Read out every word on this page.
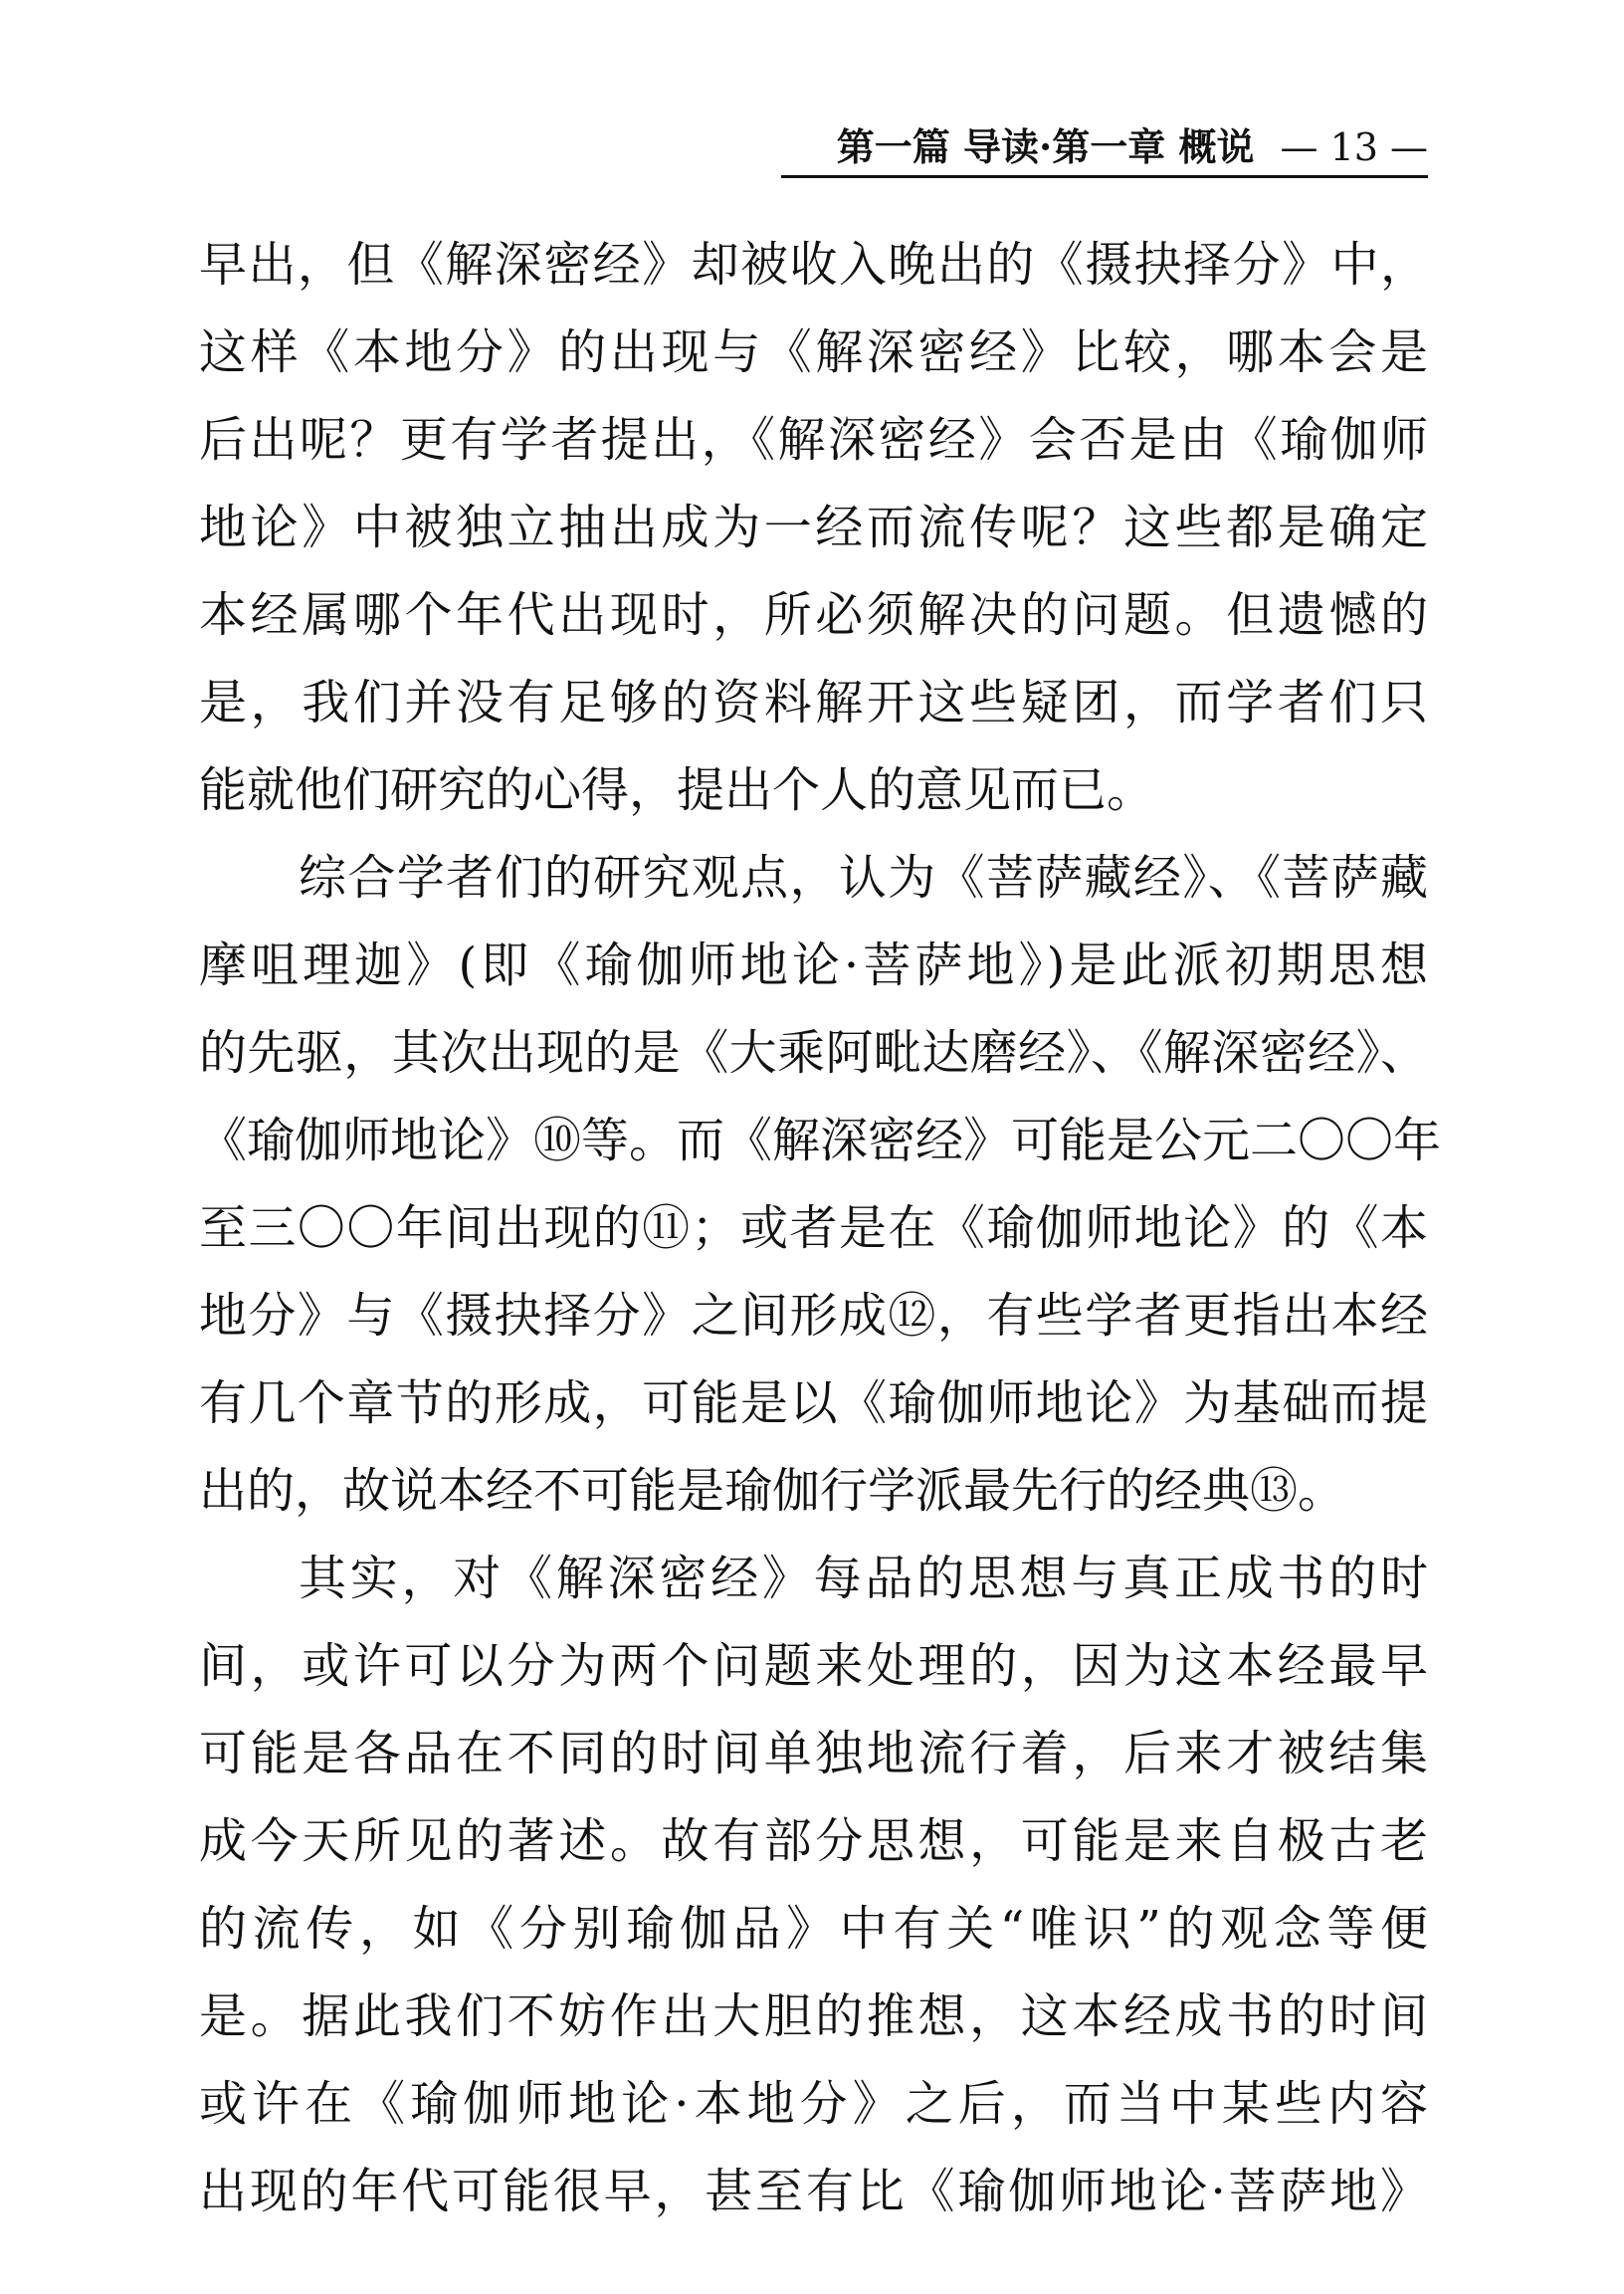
第一篇 导读·第一章 概说 — 13 —
早出，但《解深密经》却被收入晚出的《摄抉择分》中，
这样《本地分》的出现与《解深密经》比较，哪本会是
后出呢？更有学者提出，《解深密经》会否是由《瑜伽师
地论》中被独立抽出成为一经而流传呢？这些都是确定
本经属哪个年代出现时，所必须解决的问题。但遗憾的
是，我们并没有足够的资料解开这些疑团，而学者们只
能就他们研究的心得，提出个人的意见而已。
综合学者们的研究观点，认为《菩萨藏经》、《菩萨藏
摩咀理迦》(即《瑜伽师地论·菩萨地》)是此派初期思想
的先驱，其次出现的是《大乘阿毗达磨经》、《解深密经》、
《瑜伽师地论》⑩等。而《解深密经》可能是公元二〇〇年
至三〇〇年间出现的⑪；或者是在《瑜伽师地论》的《本
地分》与《摄抉择分》之间形成⑫，有些学者更指出本经
有几个章节的形成，可能是以《瑜伽师地论》为基础而提
出的，故说本经不可能是瑜伽行学派最先行的经典⑬。
其实，对《解深密经》每品的思想与真正成书的时
间，或许可以分为两个问题来处理的，因为这本经最早
可能是各品在不同的时间单独地流行着，后来才被结集
成今天所见的著述。故有部分思想，可能是来自极古老
的流传，如《分别瑜伽品》中有关“唯识”的观念等便
是。据此我们不妨作出大胆的推想，这本经成书的时间
或许在《瑜伽师地论·本地分》之后，而当中某些内容
出现的年代可能很早，甚至有比《瑜伽师地论·菩萨地》
